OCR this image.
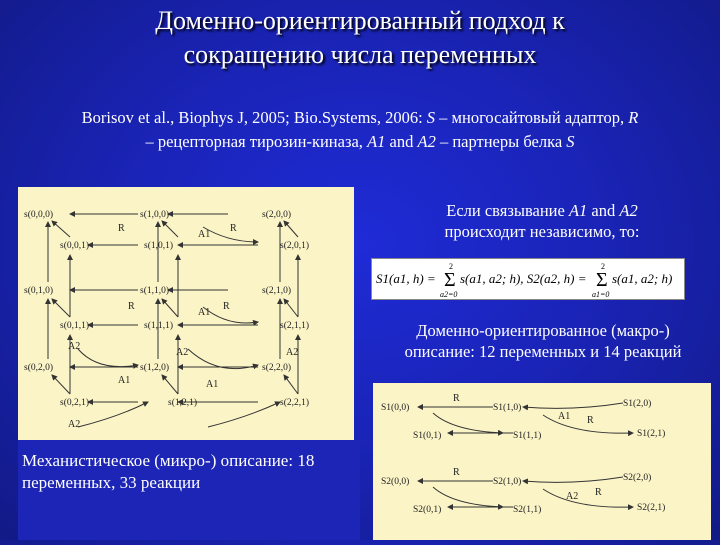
Доменно-ориентированный подход к
сокращению числа переменных
Borisov et al., Biophys J, 2005; Bio.Systems, 2006: S – многосайтовый адаптор, R
– рецепторная тирозин-киназа, A1 and A2 – партнеры белка S
s(0,0,0)	s(1,0,0)	s(2,0,0)
s(0,0,1)	s(1,0,1)	s(2,0,1)
s(0,1,0)	s(1,1,0)	s(2,1,0)
s(0,1,1)	s(1,1,1)	s(2,1,1)
s(0,2,0)	s(1,2,0)	s(2,2,0)
s(0,2,1)	s(1,2,1)	s(2,2,1)
R	R
R	R
A1
A1
A1	A1
A2
A2	A2
A2
Механистическое (микро-) описание: 18
переменных, 33 реакции
Если связывание A1 and A2
происходит независимо, то:
S1(a1, h) = Σ
2
a2=0
s(a1, a2; h), S2(a2, h) = Σ
2
a1=0
s(a1, a2; h)
Доменно-ориентированное (макро-)
описание: 12 переменных и 14 реакций
S1(0,0)	S1(1,0)	S1(2,0)
S1(0,1)	S1(1,1)	S1(2,1)
S2(0,0)	S2(1,0)	S2(2,0)
S2(0,1)	S2(1,1)	S2(2,1)
R
R
A1
R
R
A2
